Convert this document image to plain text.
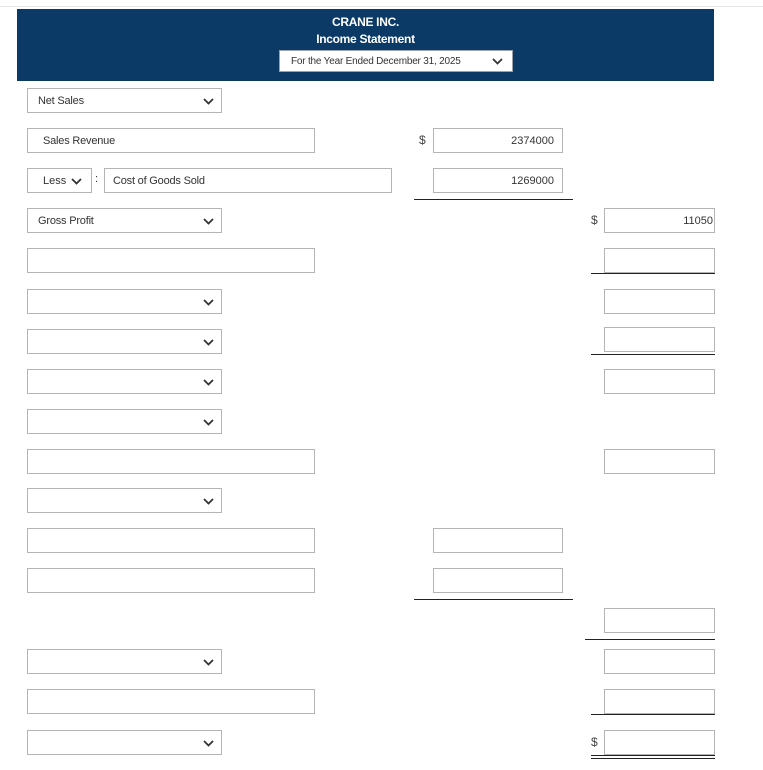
CRANE INC.
Income Statement
For the Year Ended December 31, 2025
Net Sales
Sales Revenue	$	2374000
Less	: Cost of Goods Sold	1269000
Gross Profit	$	11050
$
